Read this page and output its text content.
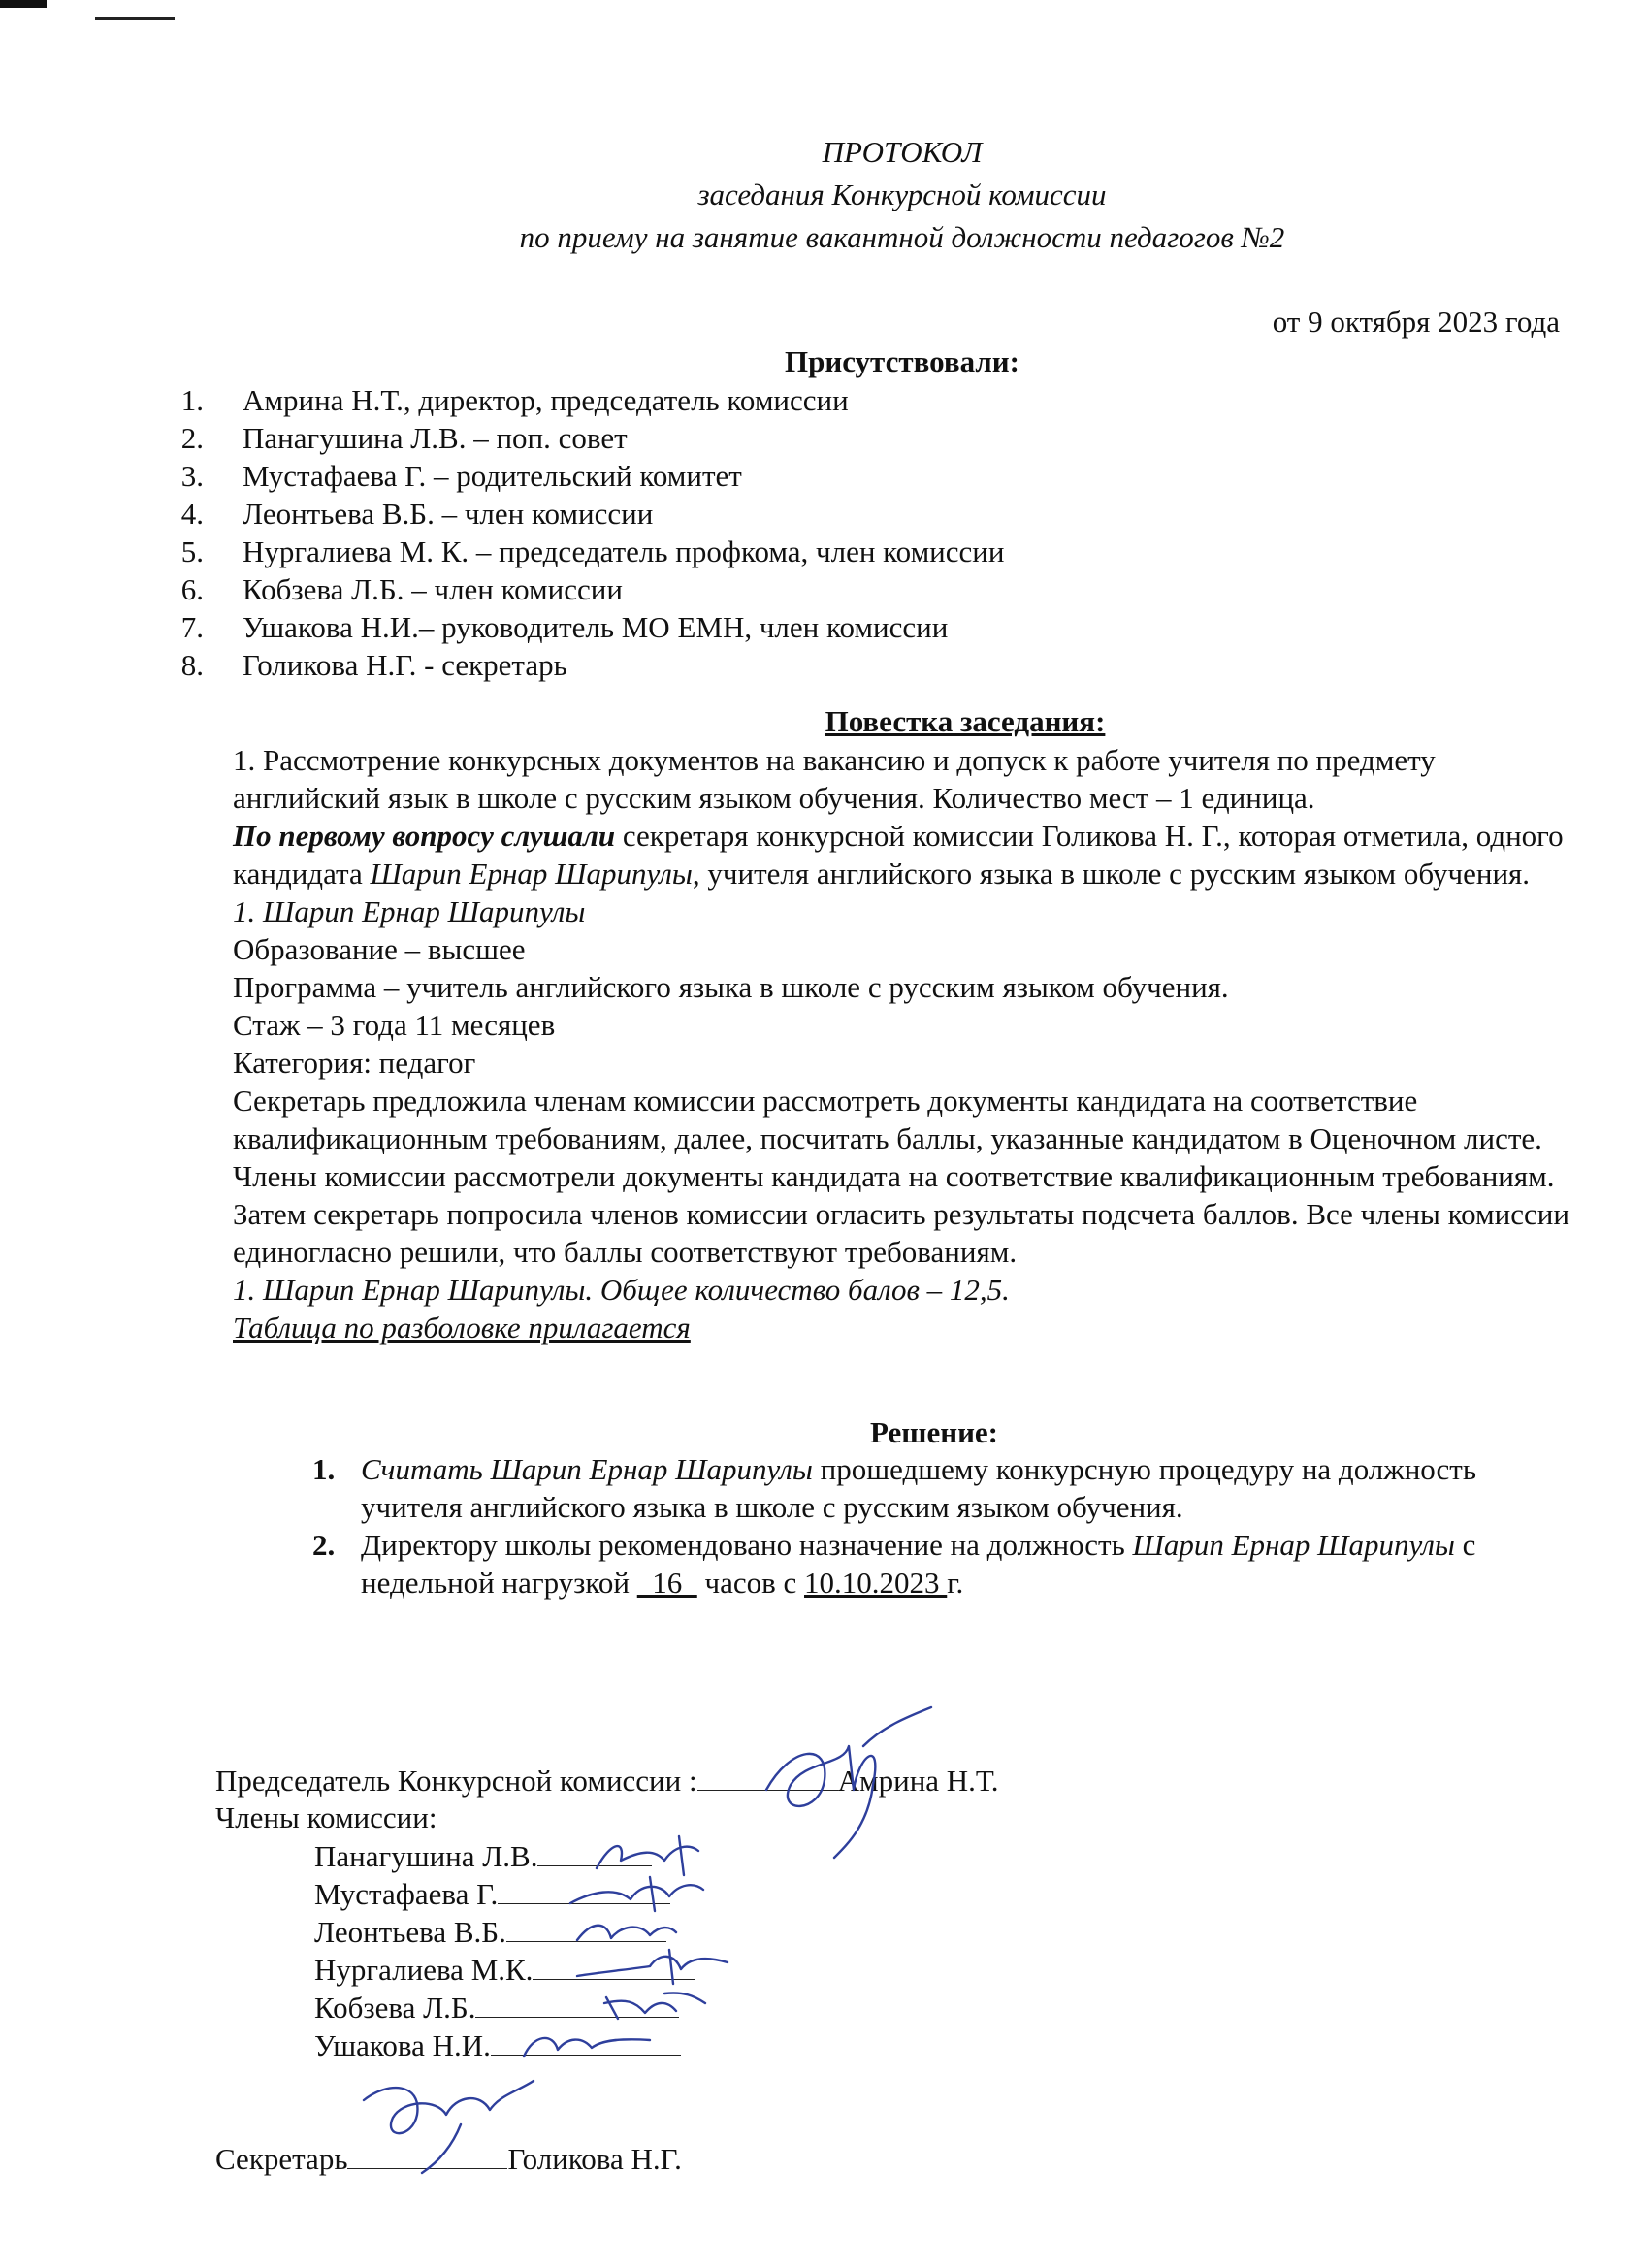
ПРОТОКОЛ
заседания Конкурсной комиссии
по приему на занятие вакантной должности педагогов №2
от 9 октября 2023 года
Присутствовали:
1. Амрина Н.Т., директор, председатель комиссии
2. Панагушина Л.В. – поп. совет
3. Мустафаева Г. – родительский комитет
4. Леонтьева В.Б. – член комиссии
5. Нургалиева М. К. – председатель профкома, член комиссии
6. Кобзева Л.Б. – член комиссии
7. Ушакова Н.И.– руководитель МО ЕМН, член комиссии
8. Голикова Н.Г. - секретарь
Повестка заседания:

1. Рассмотрение конкурсных документов на вакансию и допуск к работе учителя по предмету английский язык в школе с русским языком обучения. Количество мест – 1 единица.

По первому вопросу слушали секретаря конкурсной комиссии Голикова Н. Г., которая отметила, одного кандидата Шарип Ернар Шарипулы, учителя английского языка в школе с русским языком обучения.

1. Шарип Ернар Шарипулы

Образование – высшее

Программа – учитель английского языка в школе с русским языком обучения.

Стаж – 3 года 11 месяцев

Категория: педагог

Секретарь предложила членам комиссии рассмотреть документы кандидата на соответствие квалификационным требованиям, далее, посчитать баллы, указанные кандидатом в Оценочном листе. Члены комиссии рассмотрели документы кандидата на соответствие квалификационным требованиям. Затем секретарь попросила членов комиссии огласить результаты подсчета баллов. Все члены комиссии единогласно решили, что баллы соответствуют требованиям.

1. Шарип Ернар Шарипулы. Общее количество балов – 12,5.

Таблица по разболовке прилагается

Решение:
1. Считать Шарип Ернар Шарипулы прошедшему конкурсную процедуру на должность учителя английского языка в школе с русским языком обучения.
2. Директору школы рекомендовано назначение на должность Шарип Ернар Шарипулы с недельной нагрузкой   16   часов с 10.10.2023 г.
Председатель Конкурсной комиссии :	Амрина Н.Т.
Члены комиссии:
Панагушина Л.В.
Мустафаева Г.
Леонтьева В.Б.
Нургалиева М.К.
Кобзева Л.Б.
Ушакова Н.И.
Секретарь	Голикова Н.Г.
